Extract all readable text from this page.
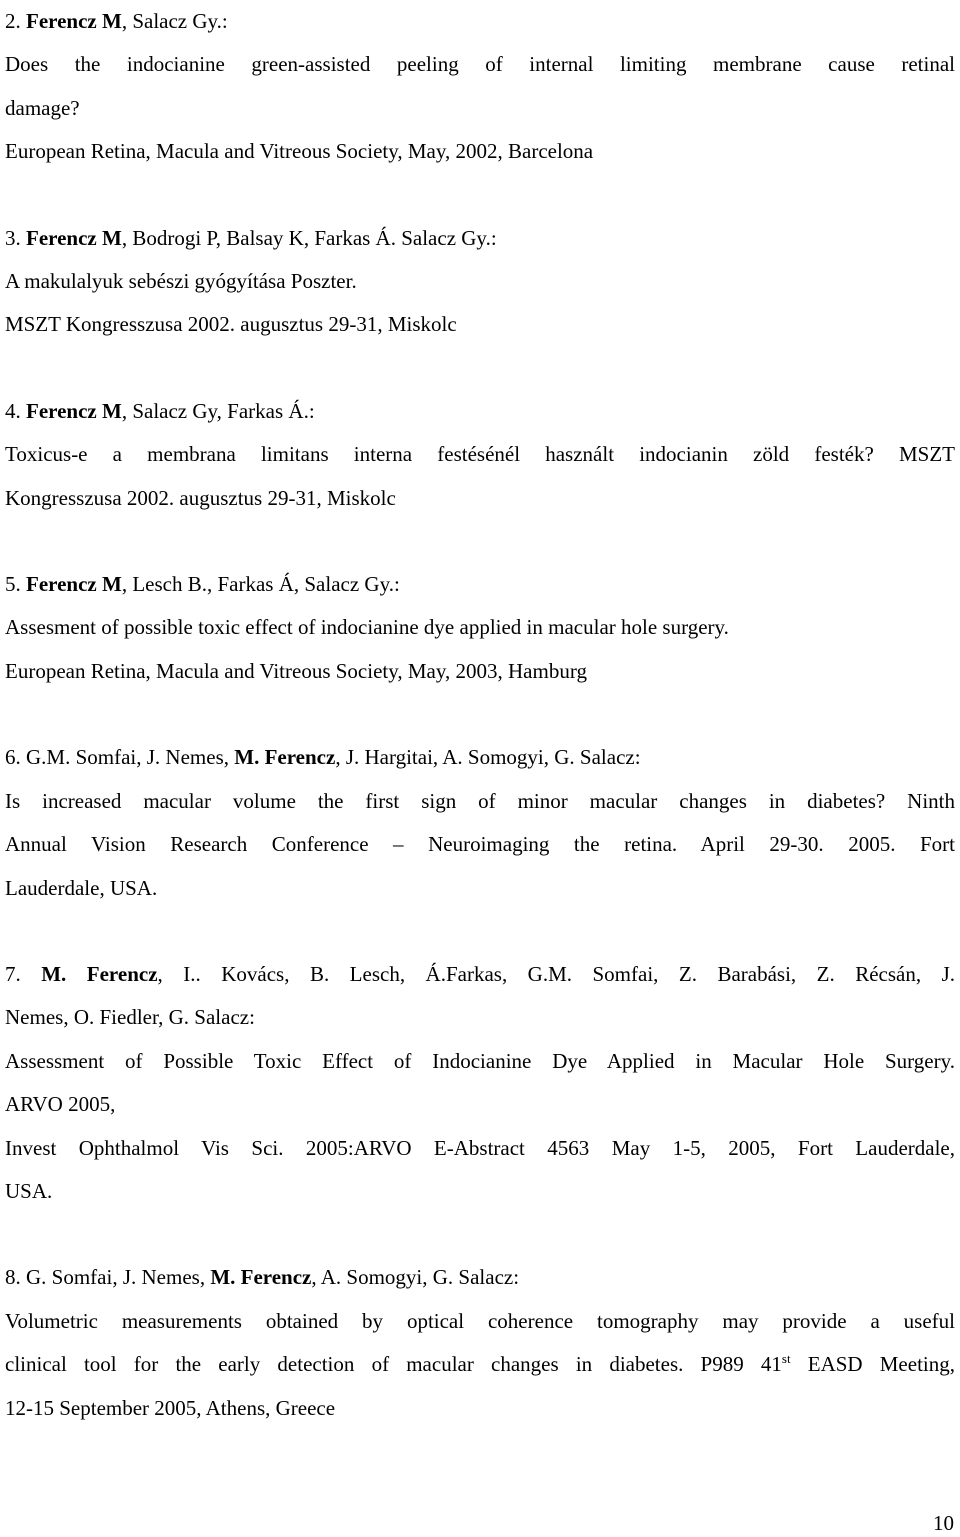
2. Ferencz M, Salacz Gy.:

Does the indocianine green-assisted peeling of internal limiting membrane cause retinal

damage?

European Retina, Macula and Vitreous Society, May, 2002, Barcelona

3. Ferencz M, Bodrogi P, Balsay K, Farkas Á. Salacz Gy.:

A makulalyuk sebészi gyógyítása Poszter.

MSZT Kongresszusa 2002. augusztus 29-31, Miskolc

4. Ferencz M, Salacz Gy, Farkas Á.:

Toxicus-e a membrana limitans interna festésénél használt indocianin zöld festék? MSZT

Kongresszusa 2002. augusztus 29-31, Miskolc

5. Ferencz M, Lesch B., Farkas Á, Salacz Gy.:

Assesment of possible toxic effect of indocianine dye applied in macular hole surgery.

European Retina, Macula and Vitreous Society, May, 2003, Hamburg

6. G.M. Somfai, J. Nemes, M. Ferencz, J. Hargitai, A. Somogyi, G. Salacz:

Is increased macular volume the first sign of minor macular changes in diabetes? Ninth

Annual Vision Research Conference – Neuroimaging the retina. April 29-30. 2005. Fort

Lauderdale, USA.

7. M. Ferencz, I.. Kovács, B. Lesch, Á.Farkas, G.M. Somfai, Z. Barabási, Z. Récsán, J.

Nemes, O. Fiedler, G. Salacz:

Assessment of Possible Toxic Effect of Indocianine Dye Applied in Macular Hole Surgery.

ARVO 2005,

Invest Ophthalmol Vis Sci. 2005:ARVO E-Abstract 4563 May 1-5, 2005, Fort Lauderdale,

USA.

8. G. Somfai, J. Nemes, M. Ferencz, A. Somogyi, G. Salacz:

Volumetric measurements obtained by optical coherence tomography may provide a useful

clinical tool for the early detection of macular changes in diabetes. P989 41st EASD Meeting,

12-15 September 2005, Athens, Greece

10
